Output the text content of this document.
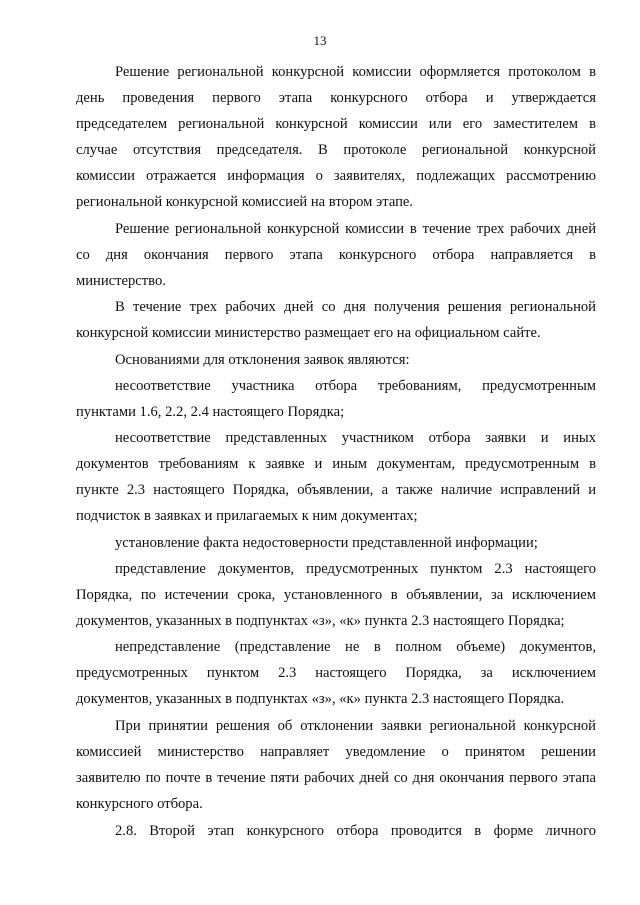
13
Решение региональной конкурсной комиссии оформляется протоколом в
день проведения первого этапа конкурсного отбора и утверждается
председателем региональной конкурсной комиссии или его заместителем в
случае отсутствия председателя. В протоколе региональной конкурсной
комиссии отражается информация о заявителях, подлежащих рассмотрению
региональной конкурсной комиссией на втором этапе.
Решение региональной конкурсной комиссии в течение трех рабочих дней
со дня окончания первого этапа конкурсного отбора направляется в
министерство.
В течение трех рабочих дней со дня получения решения региональной
конкурсной комиссии министерство размещает его на официальном сайте.
Основаниями для отклонения заявок являются:
несоответствие участника отбора требованиям, предусмотренным
пунктами 1.6, 2.2, 2.4 настоящего Порядка;
несоответствие представленных участником отбора заявки и иных
документов требованиям к заявке и иным документам, предусмотренным в
пункте 2.3 настоящего Порядка, объявлении, а также наличие исправлений и
подчисток в заявках и прилагаемых к ним документах;
установление факта недостоверности представленной информации;
представление документов, предусмотренных пунктом 2.3 настоящего
Порядка, по истечении срока, установленного в объявлении, за исключением
документов, указанных в подпунктах «з», «к» пункта 2.3 настоящего Порядка;
непредставление (представление не в полном объеме) документов,
предусмотренных пунктом 2.3 настоящего Порядка, за исключением
документов, указанных в подпунктах «з», «к» пункта 2.3 настоящего Порядка.
При принятии решения об отклонении заявки региональной конкурсной
комиссией министерство направляет уведомление о принятом решении
заявителю по почте в течение пяти рабочих дней со дня окончания первого этапа
конкурсного отбора.
2.8. Второй этап конкурсного отбора проводится в форме личного
